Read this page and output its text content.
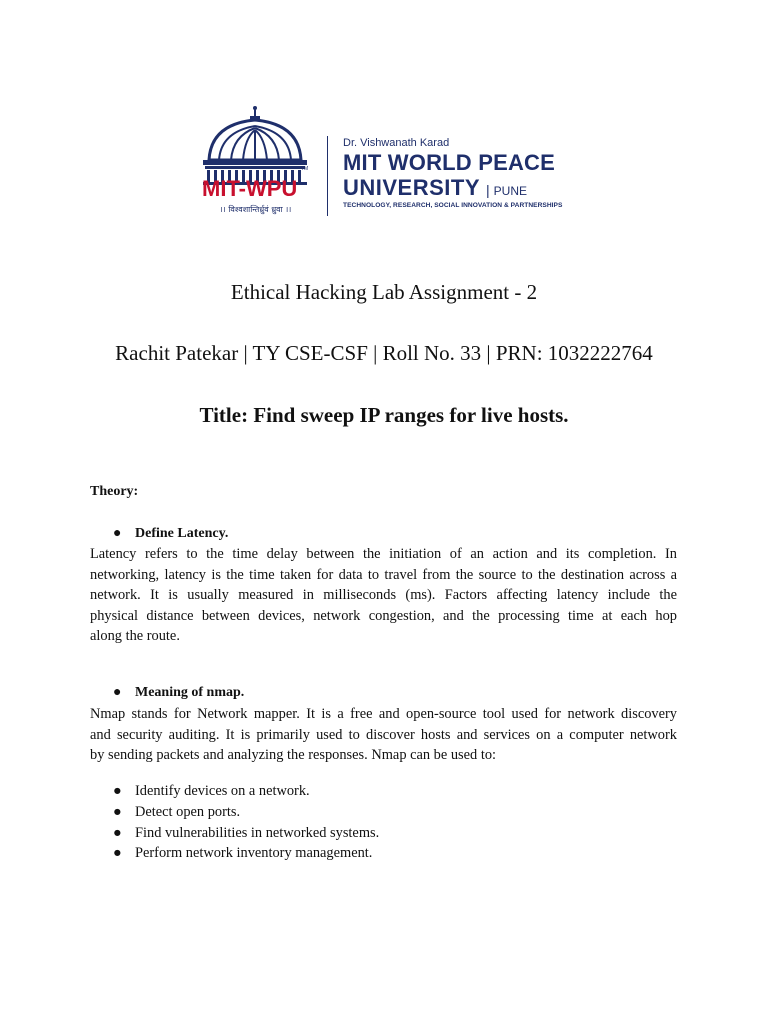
MIT-WPU
TM
।। विश्वशान्तिर्ध्रुवं ध्रुवा ।।
Dr. Vishwanath Karad
MIT WORLD PEACE
UNIVERSITY | PUNE
TECHNOLOGY, RESEARCH, SOCIAL INNOVATION & PARTNERSHIPS
Ethical Hacking Lab Assignment - 2
Rachit Patekar | TY CSE-CSF | Roll No. 33 | PRN: 1032222764
Title: Find sweep IP ranges for live hosts.
Theory:
● Define Latency.
Latency refers to the time delay between the initiation of an action and its completion. In
networking, latency is the time taken for data to travel from the source to the destination across a
network. It is usually measured in milliseconds (ms). Factors affecting latency include the
physical distance between devices, network congestion, and the processing time at each hop
along the route.
● Meaning of nmap.
Nmap stands for Network mapper. It is a free and open-source tool used for network discovery
and security auditing. It is primarily used to discover hosts and services on a computer network
by sending packets and analyzing the responses. Nmap can be used to:
● Identify devices on a network.
● Detect open ports.
● Find vulnerabilities in networked systems.
● Perform network inventory management.
